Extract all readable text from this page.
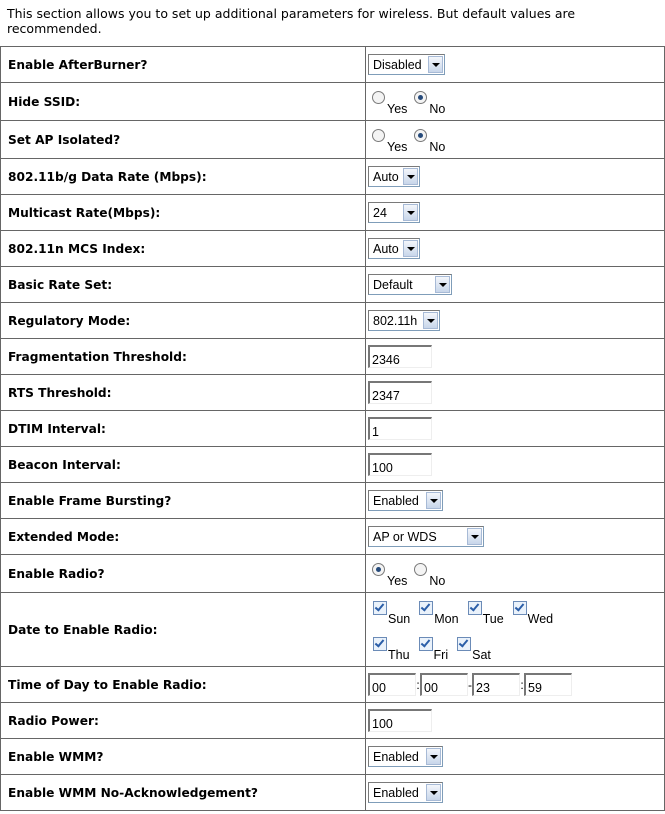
This section allows you to set up additional parameters for wireless. But default values are recommended.
Enable AfterBurner?	Disabled

Hide SSID:	Yes No
Set AP Isolated?	Yes No
802.11b/g Data Rate (Mbps):	Auto

Multicast Rate(Mbps):	24

802.11n MCS Index:	Auto

Basic Rate Set:	Default

Regulatory Mode:	802.11h

Fragmentation Threshold:	2346
RTS Threshold:	2347
DTIM Interval:	1
Beacon Interval:	100
Enable Frame Bursting?	Enabled

Extended Mode:	AP or WDS

Enable Radio?	Yes No
Date to Enable Radio:	Sun Mon Tue Wed
Thu Fri Sat

Time of Day to Enable Radio:	00 : 00 - 23 : 59
Radio Power:	100
Enable WMM?	Enabled

Enable WMM No-Acknowledgement?	Enabled
